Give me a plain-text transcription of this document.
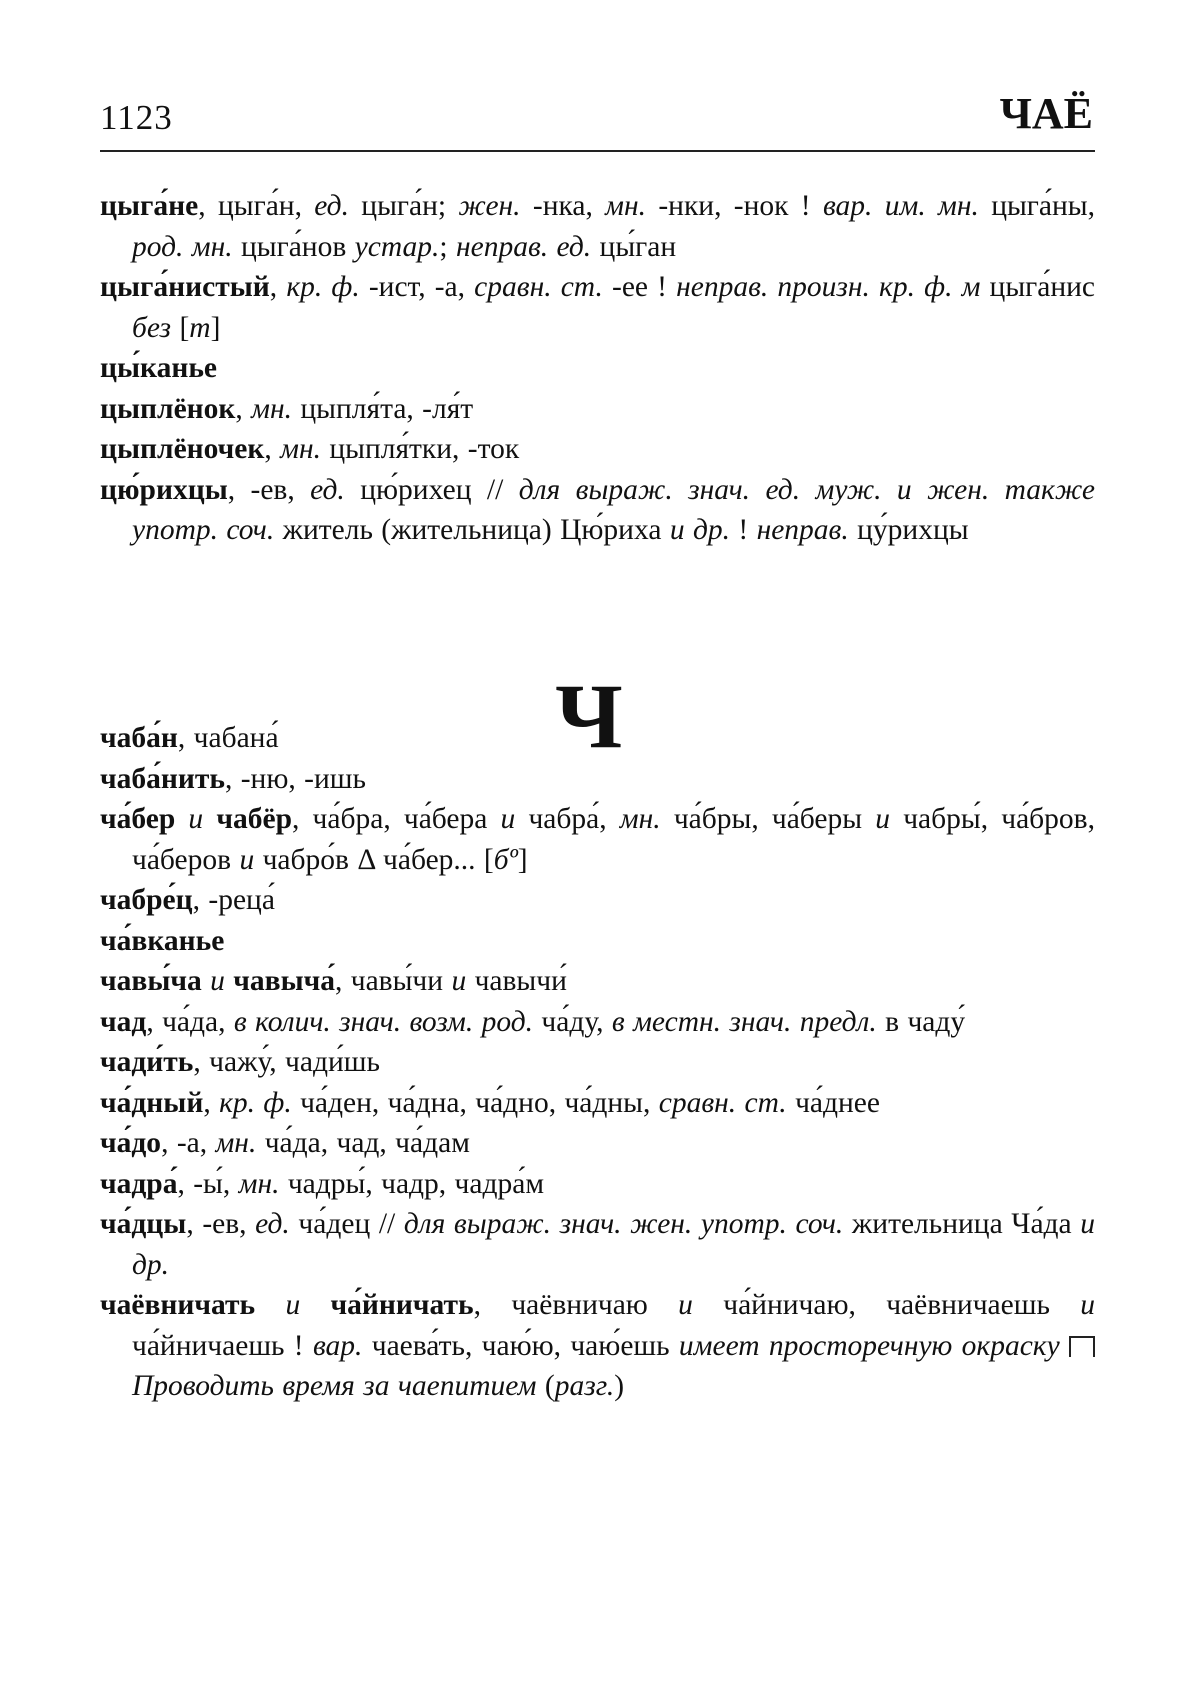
1123	ЧАЁ
цыга́не, цыга́н, ед. цыга́н; жен. -нка, мн. -нки, -нок ! вар. им. мн. цыга́ны, род. мн. цыга́нов устар.; неправ. ед. цы́ган
цыга́нистый, кр. ф. -ист, -а, сравн. ст. -ее ! неправ. произн. кр. ф. м цыга́нис без [т]
цы́канье
цыплёнок, мн. цыпля́та, -ля́т
цыплёночек, мн. цыпля́тки, -ток
цю́рихцы, -ев, ед. цю́рихец // для выраж. знач. ед. муж. и жен. также употр. соч. житель (жительница) Цю́риха и др. ! неправ. цу́рихцы
Ч
чаба́н, чабана́
чаба́нить, -ню, -ишь
ча́бер и чабёр, ча́бра, ча́бера и чабра́, мн. ча́бры, ча́беры и чабры́, ча́бров, ча́беров и чабро́в Δ ча́бер... [бº]
чабре́ц, -реца́
ча́вканье
чавы́ча и чавыча́, чавы́чи и чавычи́
чад, ча́да, в колич. знач. возм. род. ча́ду, в местн. знач. предл. в чаду́
чади́ть, чажу́, чади́шь
ча́дный, кр. ф. ча́ден, ча́дна, ча́дно, ча́дны, сравн. ст. ча́днее
ча́до, -а, мн. ча́да, чад, ча́дам
чадра́, -ы́, мн. чадры́, чадр, чадра́м
ча́дцы, -ев, ед. ча́дец // для выраж. знач. жен. употр. соч. жительница Ча́да и др.
чаёвничать и ча́йничать, чаёвничаю и ча́йничаю, чаёвничаешь и ча́йничаешь ! вар. чаева́ть, чаю́ю, чаю́ешь имеет просторечную окраску  Проводить время за чаепитием (разг.)
